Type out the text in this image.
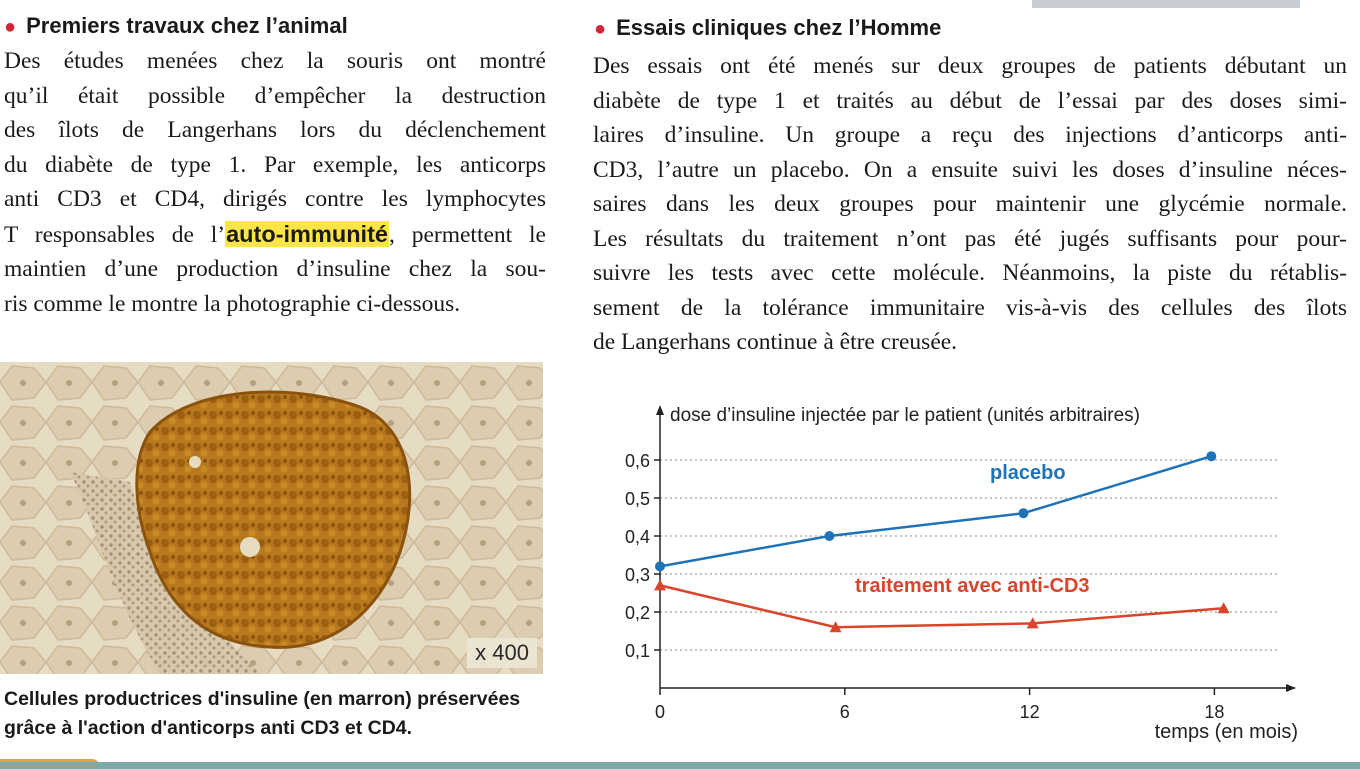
● Premiers travaux chez l’animal
Des études menées chez la souris ont montré
qu’il était possible d’empêcher la destruction
des îlots de Langerhans lors du déclenchement
du diabète de type 1. Par exemple, les anticorps
anti CD3 et CD4, dirigés contre les lymphocytes
T responsables de l’auto-immunité, permettent le
maintien d’une production d’insuline chez la sou-
ris comme le montre la photographie ci-dessous.
x 400
Cellules productrices d'insuline (en marron) préservées
grâce à l'action d'anticorps anti CD3 et CD4.
● Essais cliniques chez l’Homme
Des essais ont été menés sur deux groupes de patients débutant un
diabète de type 1 et traités au début de l’essai par des doses simi-
laires d’insuline. Un groupe a reçu des injections d’anticorps anti-
CD3, l’autre un placebo. On a ensuite suivi les doses d’insuline néces-
saires dans les deux groupes pour maintenir une glycémie normale.
Les résultats du traitement n’ont pas été jugés suffisants pour pour-
suivre les tests avec cette molécule. Néanmoins, la piste du rétablis-
sement de la tolérance immunitaire vis-à-vis des cellules des îlots
de Langerhans continue à être creusée.
0,1
0,2
0,3
0,4
0,5
0,6
0	6	12	18
dose d’insuline injectée par le patient (unités arbitraires)
temps (en mois)
placebo
traitement avec anti-CD3
